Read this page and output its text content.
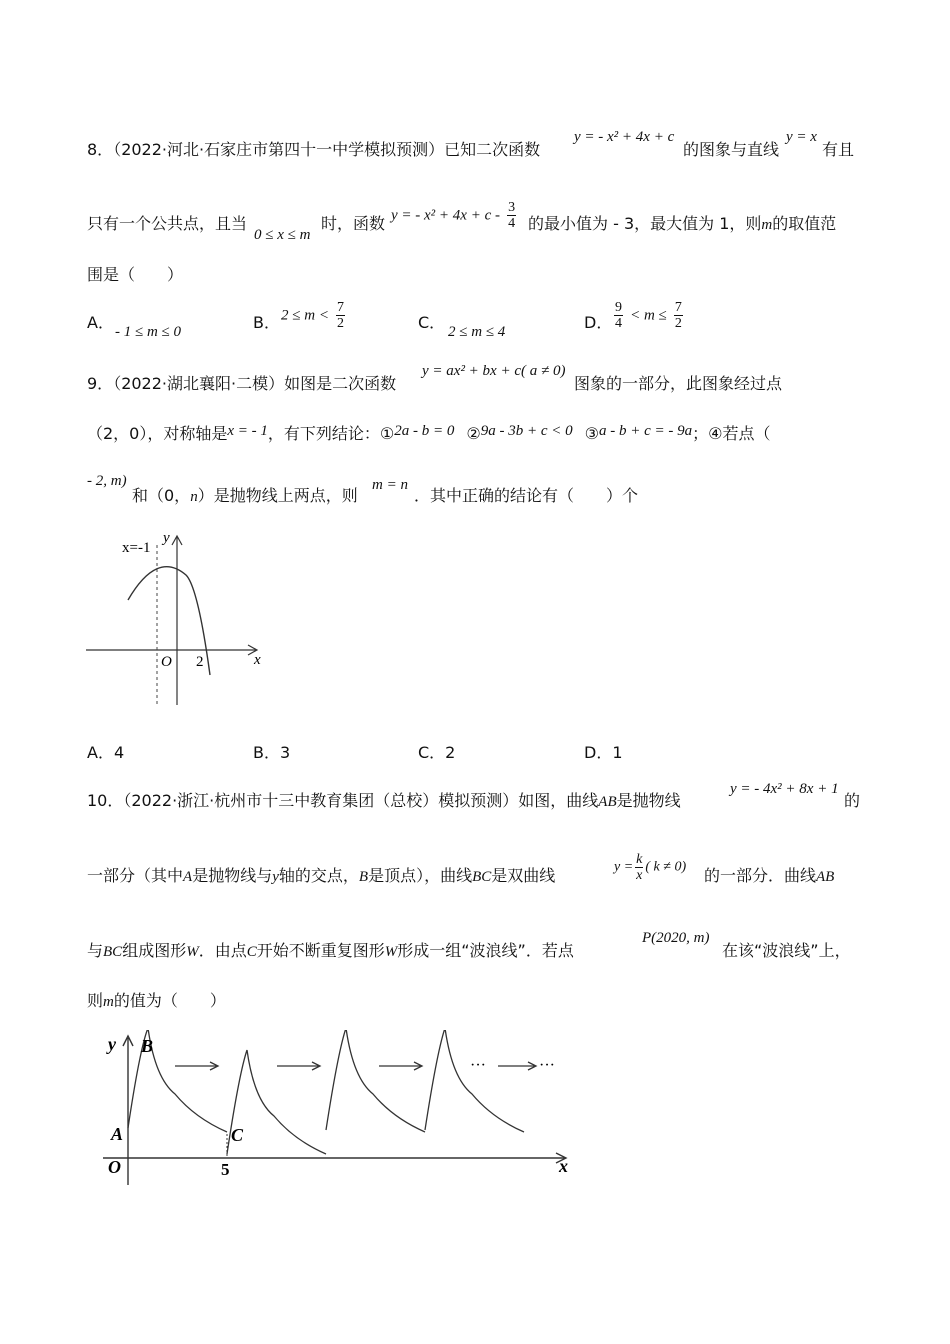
8．（2022·河北·石家庄市第四十一中学模拟预测）已知二次函数
y = - x² + 4x + c
的图象与直线
y = x
有且
只有一个公共点，且当
0 ≤ x ≤ m
时，函数 y = - $x^2 + 4x + c - \frac{3}{4}$ 的最小值为 - 3，最大值为 1，则m的取值范
围是（　　）
A． - 1 ≤ m ≤ 0	B． $2 \le m < \frac{7}{2}$	C． 2 ≤ m ≤ 4	D． $\frac{9}{4} < m \le \frac{7}{2}$
9．（2022·湖北襄阳·二模）如图是二次函数
y = ax² + bx + c( a ≠ 0)
图象的一部分，此图象经过点
（2，0），对称轴是x = - 1，有下列结论：①2a - b = 0 ②9a - 3b + c < 0 ③a - b + c = - 9a；④若点（
- 2, m)
和（0，n）是抛物线上两点，则
m = n
．其中正确的结论有（　　）个
x=-1
y
x
O 2
A．4	B．3	C．2	D．1
10．（2022·浙江·杭州市十三中教育集团（总校）模拟预测）如图，曲线AB是抛物线
y = - 4x² + 8x + 1
的
一部分（其中A是抛物线与y轴的交点，B是顶点），曲线BC是双曲线	$y = \frac{k}{x}$ ( k ≠ 0) 的一部分．曲线AB
与BC组成图形W．由点C开始不断重复图形W形成一组“波浪线”．若点
P(2020, m)
在该“波浪线”上，
则m的值为（　　）
y B
A	C
O	5	x
···	···
